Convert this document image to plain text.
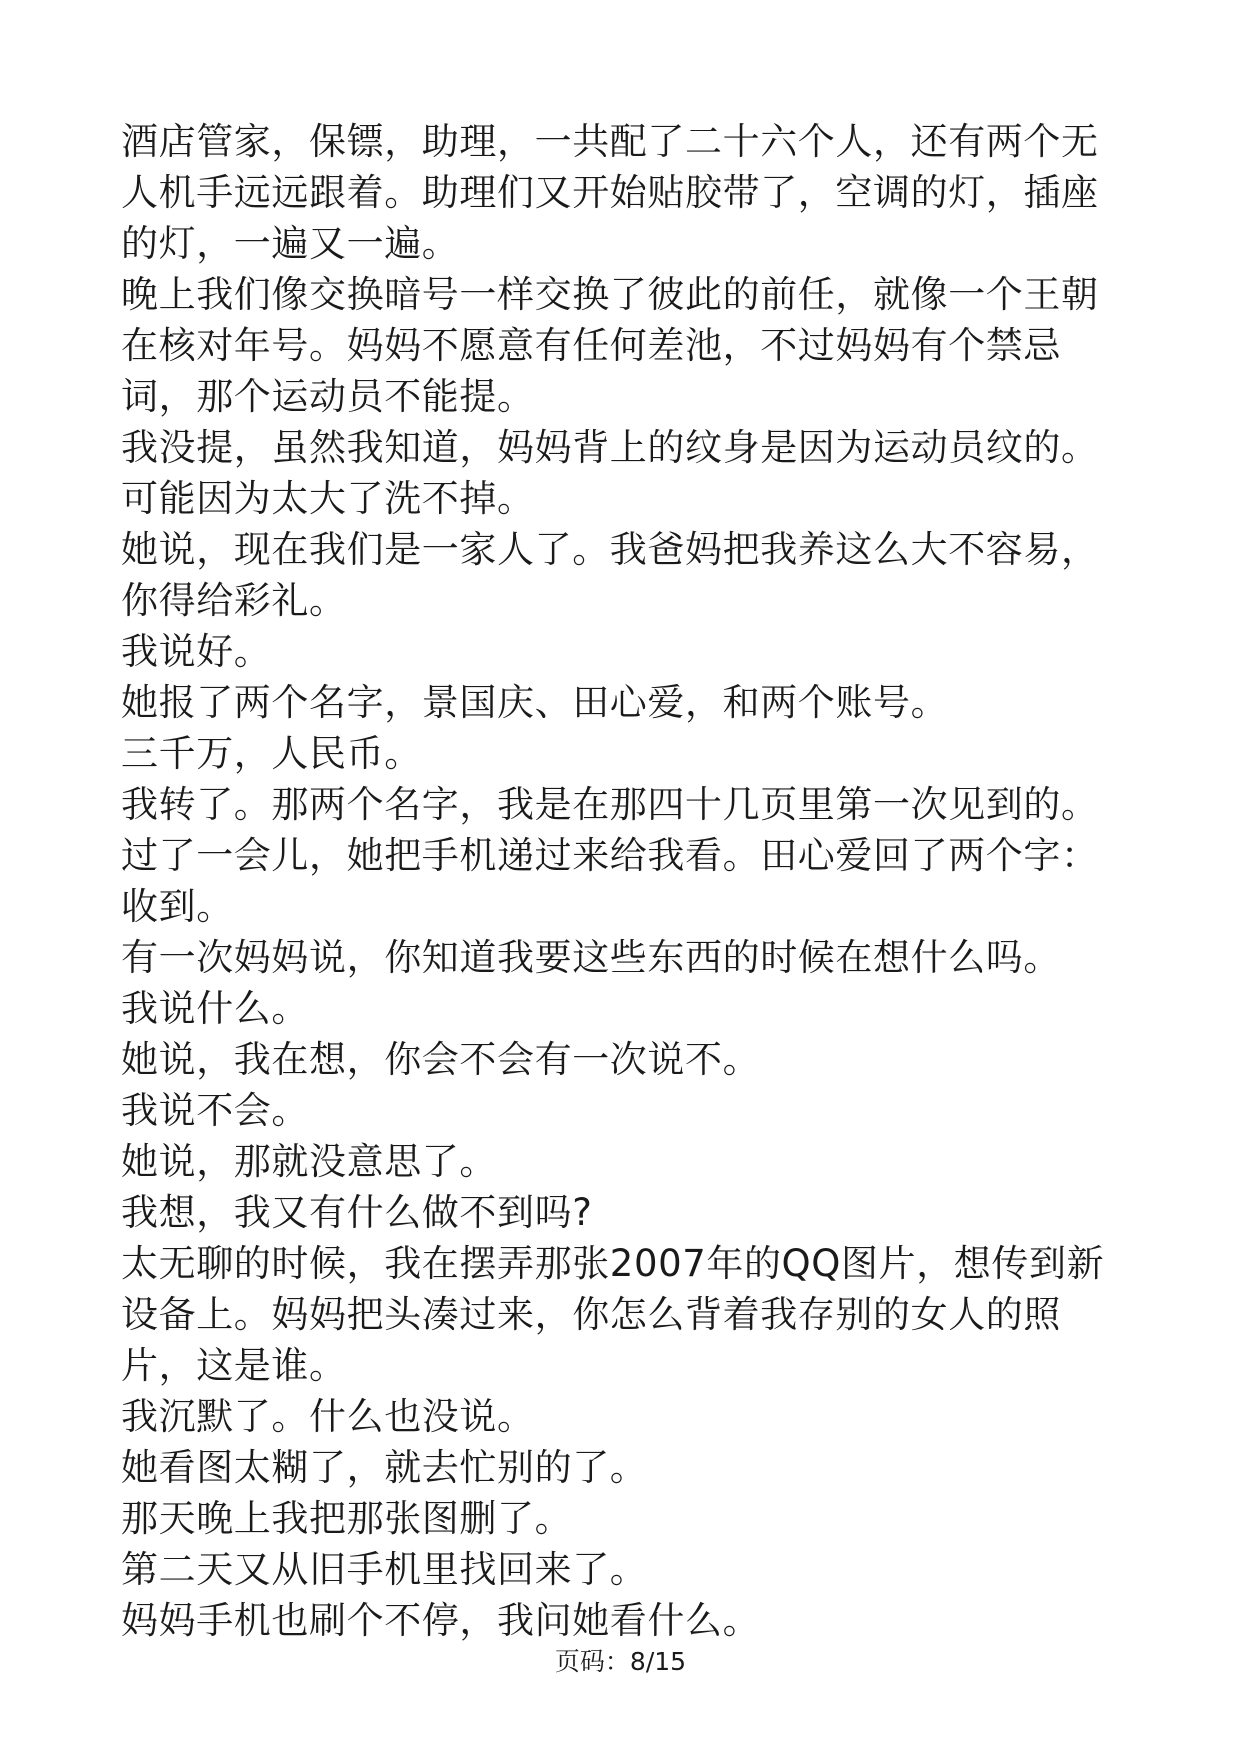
酒店管家，保镖，助理，一共配了二十六个人，还有两个无人机手远远跟着。助理们又开始贴胶带了，空调的灯，插座的灯，一遍又一遍。

晚上我们像交换暗号一样交换了彼此的前任，就像一个王朝在核对年号。妈妈不愿意有任何差池，不过妈妈有个禁忌词，那个运动员不能提。

我没提，虽然我知道，妈妈背上的纹身是因为运动员纹的。

可能因为太大了洗不掉。

她说，现在我们是一家人了。我爸妈把我养这么大不容易，你得给彩礼。

我说好。

她报了两个名字，景国庆、田心爱，和两个账号。

三千万，人民币。

我转了。那两个名字，我是在那四十几页里第一次见到的。

过了一会儿，她把手机递过来给我看。田心爱回了两个字：收到。

有一次妈妈说，你知道我要这些东西的时候在想什么吗。

我说什么。

她说，我在想，你会不会有一次说不。

我说不会。

她说，那就没意思了。

我想，我又有什么做不到吗?

太无聊的时候，我在摆弄那张2007年的QQ图片，想传到新设备上。妈妈把头凑过来，你怎么背着我存别的女人的照片，这是谁。

我沉默了。什么也没说。

她看图太糊了，就去忙别的了。

那天晚上我把那张图删了。

第二天又从旧手机里找回来了。

妈妈手机也刷个不停，我问她看什么。

页码：8/15
